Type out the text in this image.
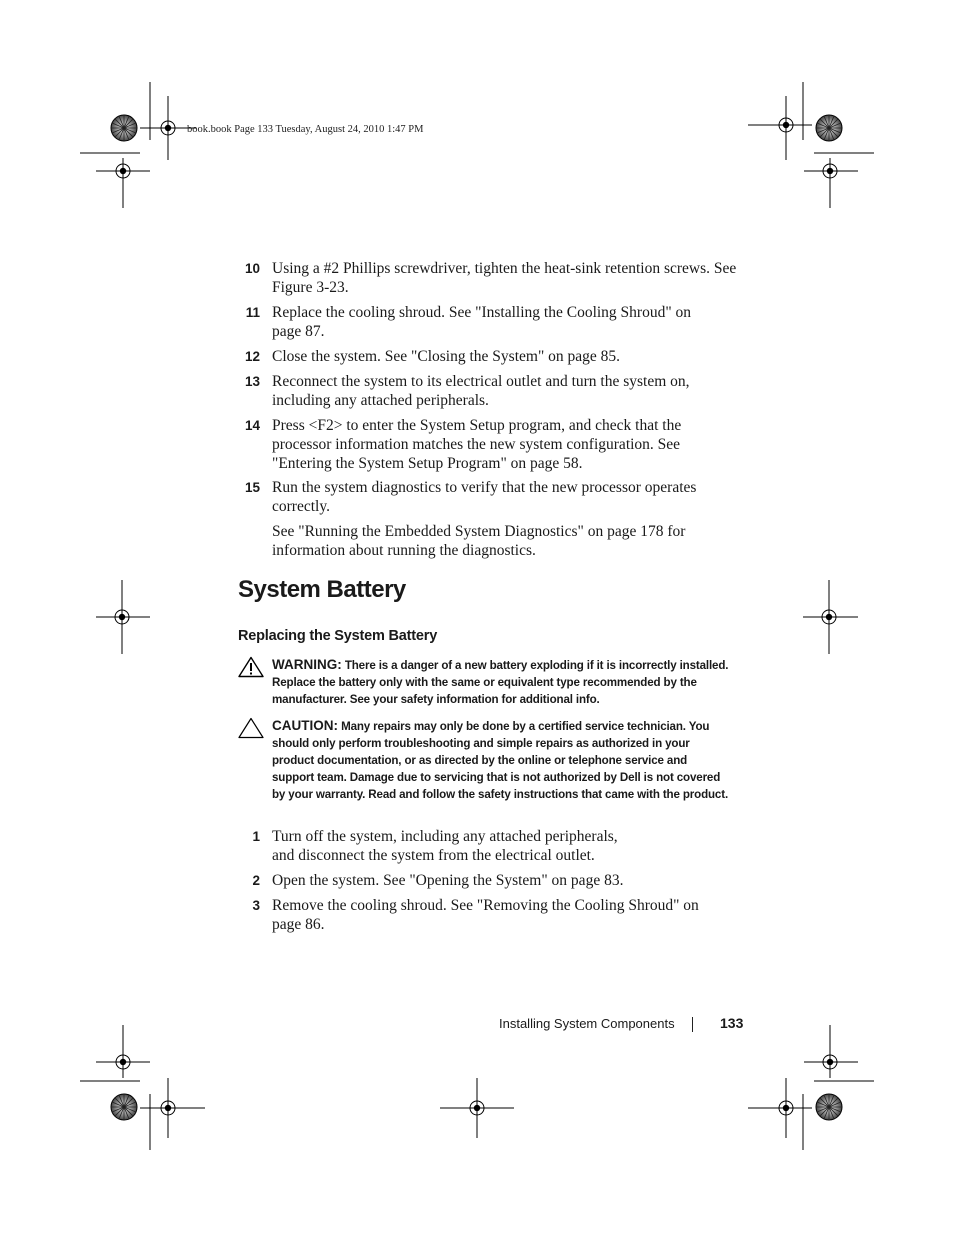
book.book Page 133 Tuesday, August 24, 2010 1:47 PM
10 Using a #2 Phillips screwdriver, tighten the heat-sink retention screws. See Figure 3-23.
11 Replace the cooling shroud. See "Installing the Cooling Shroud" on page 87.
12 Close the system. See "Closing the System" on page 85.
13 Reconnect the system to its electrical outlet and turn the system on, including any attached peripherals.
14 Press <F2> to enter the System Setup program, and check that the processor information matches the new system configuration. See "Entering the System Setup Program" on page 58.
15 Run the system diagnostics to verify that the new processor operates correctly.
See "Running the Embedded System Diagnostics" on page 178 for information about running the diagnostics.
System Battery
Replacing the System Battery
WARNING: There is a danger of a new battery exploding if it is incorrectly installed. Replace the battery only with the same or equivalent type recommended by the manufacturer. See your safety information for additional info.
CAUTION: Many repairs may only be done by a certified service technician. You should only perform troubleshooting and simple repairs as authorized in your product documentation, or as directed by the online or telephone service and support team. Damage due to servicing that is not authorized by Dell is not covered by your warranty. Read and follow the safety instructions that came with the product.
1 Turn off the system, including any attached peripherals, and disconnect the system from the electrical outlet.
2 Open the system. See "Opening the System" on page 83.
3 Remove the cooling shroud. See "Removing the Cooling Shroud" on page 86.
Installing System Components	133
